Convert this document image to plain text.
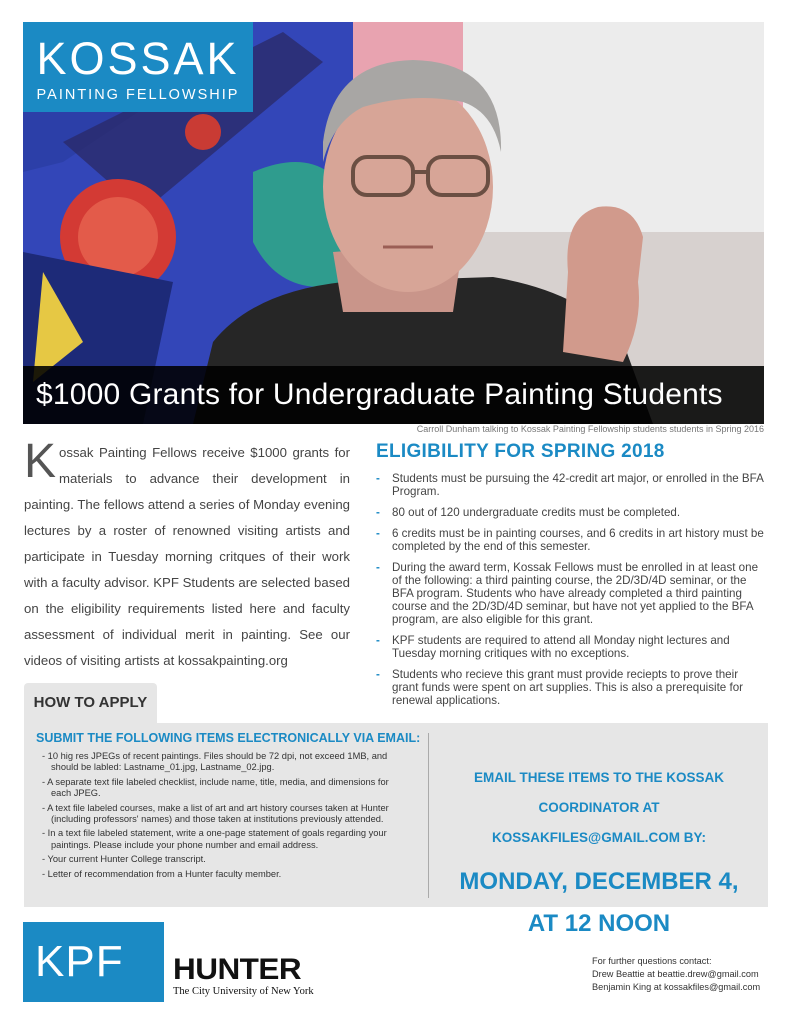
KOSSAK
PAINTING FELLOWSHIP
$1000 Grants for Undergraduate Painting Students
Carroll Dunham talking to Kossak Painting Fellowship students students in Spring 2016
Kossak Painting Fellows receive $1000 grants for materials to advance their development in painting. The fellows attend a series of Monday evening lectures by a roster of renowned visiting artists and participate in Tuesday morning critques of their work with a faculty advisor. KPF Students are selected based on the eligibility requirements listed here and faculty assessment of individual merit in painting. See our videos of visiting artists at kossakpainting.org
ELIGIBILITY FOR SPRING 2018
- Students must be pursuing the 42-credit art major, or enrolled in the BFA Program.
- 80 out of 120 undergraduate credits must be completed.
- 6 credits must be in painting courses, and 6 credits in art history must be completed by the end of this semester.
- During the award term, Kossak Fellows must be enrolled in at least one of the following: a third painting course, the 2D/3D/4D seminar, or the BFA program. Students who have already completed a third painting course and the 2D/3D/4D seminar, but have not yet applied to the BFA program, are also eligible for this grant.
- KPF students are required to attend all Monday night lectures and Tuesday morning critiques with no exceptions.
- Students who recieve this grant must provide reciepts to prove their grant funds were spent on art supplies. This is also a prerequisite for renewal applications.
HOW TO APPLY
SUBMIT THE FOLLOWING ITEMS ELECTRONICALLY VIA EMAIL:
- 10 hig res JPEGs of recent paintings. Files should be 72 dpi, not exceed 1MB, and should be labled: Lastname_01.jpg, Lastname_02.jpg.
- A separate text file labeled checklist, include name, title, media, and dimensions for each JPEG.
- A text file labeled courses, make a list of art and art history courses taken at Hunter (including professors' names) and those taken at institutions previously attended.
- In a text file labeled statement, write a one-page statement of goals regarding your paintings. Please include your phone number and email address.
- Your current Hunter College transcript.
- Letter of recommendation from a Hunter faculty member.
EMAIL THESE ITEMS TO THE KOSSAK COORDINATOR AT
KOSSAKFILES@GMAIL.COM BY:
MONDAY, DECEMBER 4,
AT 12 NOON
KPF	HUNTER
The City University of New York
For further questions contact:
Drew Beattie at beattie.drew@gmail.com
Benjamin King at kossakfiles@gmail.com
